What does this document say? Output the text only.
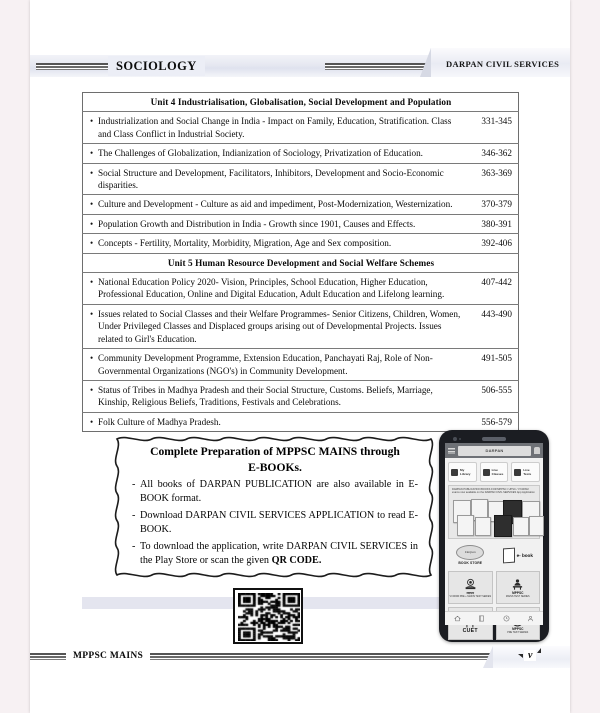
SOCIOLOGY	DARPAN CIVIL SERVICES
Unit 4 Industrialisation, Globalisation, Social Development and Population

• Industrialization and Social Change in India - Impact on Family, Education, Stratification. Class and Class Conflict in Industrial Society.
331-345

• The Challenges of Globalization, Indianization of Sociology, Privatization of Education.	346-362

• Social Structure and Development, Facilitators, Inhibitors, Development and Socio-Economic disparities.
363-369

• Culture and Development - Culture as aid and impediment, Post-Modernization, Westernization.	370-379

• Population Growth and Distribution in India - Growth since 1901, Causes and Effects.	380-391

• Concepts - Fertility, Mortality, Morbidity, Migration, Age and Sex composition.	392-406

Unit 5 Human Resource Development and Social Welfare Schemes

• National Education Policy 2020- Vision, Principles, School Education, Higher Education, Professional Education, Online and Digital Education, Adult Education and Lifelong learning.
407-442

• Issues related to Social Classes and their Welfare Programmes- Senior Citizens, Children, Women, Under Privileged Classes and Displaced groups arising out of Developmental Projects. Issues related to Girl's Education.
443-490

• Community Development Programme, Extension Education, Panchayati Raj, Role of Non-Governmental Organizations (NGO's) in Community Development.
491-505

• Status of Tribes in Madhya Pradesh and their Social Structure, Customs. Beliefs, Marriage, Kinship, Religious Beliefs, Traditions, Festivals and Celebrations.
506-555

• Folk Culture of Madhya Pradesh.	556-579
Complete Preparation of MPPSC MAINS through
E-BOOKs.
- All books of DARPAN PUBLICATION are also available in E-BOOK format.
- Download DARPAN CIVIL SERVICES APPLICATION to read E-BOOK.
- To download the application, write DARPAN CIVIL SERVICES in the Play Store or scan the given QR CODE.
DARPAN
My
Library
Live
Classes
Live
Tests
DARPAN PUBLICATION BOOKS FOR MPPSC / UPSC / VYAPAM exams now available on the DARPAN CIVIL SERVICES App Application
Darpan
BOOK STORE
e- book
व्यापम
VYAPAM PRE + MAINS TEST SERIES
MPPSC
MAINS TEST SERIES
CUET	MPPSC
PRE TEST SERIES
MPPSC MAINS	v
